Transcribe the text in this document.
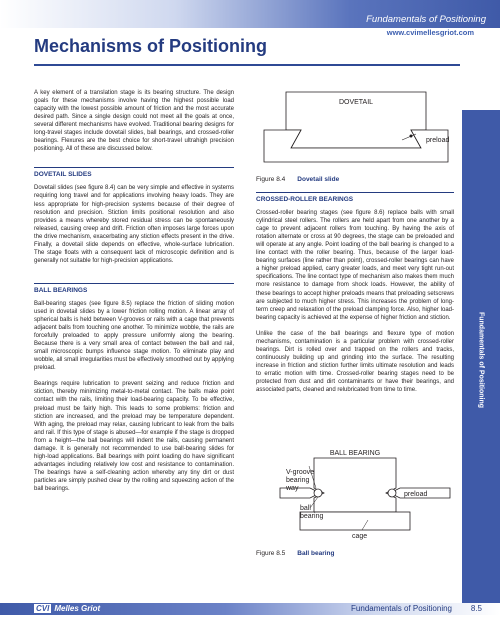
Fundamentals of Positioning
www.cvimellesgriot.com
Mechanisms of Positioning
Fundamentals of Positioning

A key element of a translation stage is its bearing structure. The design goals for these mechanisms involve having the highest possible load capacity with the lowest possible amount of friction and the most accurate desired path. Since a single design could not meet all the goals at once, several different mechanisms have evolved. Traditional bearing designs for long-travel stages include dovetail slides, ball bearings, and crossed-roller bearings. Flexures are the best choice for short-travel ultrahigh precision positioning. All of these are discussed below.

DOVETAIL SLIDES

Dovetail slides (see figure 8.4) can be very simple and effective in systems requiring long travel and for applications involving heavy loads. They are less appropriate for high-precision systems because of their degree of resolution and precision. Stiction limits positional resolution and also provides a means whereby stored residual stress can be spontaneously released, causing creep and drift. Friction often imposes large forces upon the drive mechanism, exacerbating any stiction effects present in the drive. Finally, a dovetail slide depends on effective, whole-surface lubrication. The stage floats with a consequent lack of microscopic definition and is generally not suitable for high-precision applications.

BALL BEARINGS

Ball-bearing stages (see figure 8.5) replace the friction of sliding motion used in dovetail slides by a lower friction rolling motion. A linear array of spherical balls is held between V-grooves or rails with a cage that prevents adjacent balls from touching one another. To minimize wobble, the rails are forcefully preloaded to apply pressure uniformly along the bearing. Because there is a very small area of contact between the ball and rail, small microscopic bumps influence stage motion. To eliminate play and wobble, all small irregularities must be effectively smoothed out by applying preload.

Bearings require lubrication to prevent seizing and reduce friction and stiction, thereby minimizing metal-to-metal contact. The balls make point contact with the rails, limiting their load-bearing capacity. To be effective, preload must be fairly high. This leads to some problems: friction and stiction are increased, and the preload may be temperature dependent. With aging, the preload may relax, causing lubricant to leak from the balls and rail. If this type of stage is abused—for example if the stage is dropped from a height—the ball bearings will indent the rails, causing permanent damage. It is generally not recommended to use ball-bearing slides for high-load applications. Ball bearings with point loading do have significant advantages including relatively low cost and resistance to contamination. The bearings have a self-cleaning action whereby any tiny dirt or dust particles are simply pushed clear by the rolling and squeezing action of the ball bearings.

DOVETAIL
preload
Figure 8.4 Dovetail slide
CROSSED-ROLLER BEARINGS

Crossed-roller bearing stages (see figure 8.6) replace balls with small cylindrical steel rollers. The rollers are held apart from one another by a cage to prevent adjacent rollers from touching. By having the axis of rotation alternate or cross at 90 degrees, the stage can be preloaded and will operate at any angle. Point loading of the ball bearing is changed to a line contact with the roller bearing. Thus, because of the larger load-bearing surfaces (line rather than point), crossed-roller bearings can have a higher preload applied, carry greater loads, and meet very tight run-out specifications. The line contact type of mechanism also makes them much more resistance to damage from shock loads. However, the ability of these bearings to accept higher preloads means that preloading setscrews are subjected to much higher stress. This increases the problem of long-term creep and relaxation of the preload clamping force. Also, higher load-bearing capacity is achieved at the expense of higher friction and stiction.

Unlike the case of the ball bearings and flexure type of motion mechanisms, contamination is a particular problem with crossed-roller bearings. Dirt is rolled over and trapped on the rollers and tracks, continuously building up and grinding into the surface. The resulting increase in friction and stiction further limits ultimate resolution and leads to erratic motion with time. Crossed-roller bearing stages need to be protected from dust and dirt contaminants or have their bearings, and associated parts, cleaned and relubricated from time to time.

BALL BEARING
V-groove
bearing
way
ball
bearing
preload
cage
Figure 8.5 Ball bearing
CVI Melles Griot	Fundamentals of Positioning 8.5
